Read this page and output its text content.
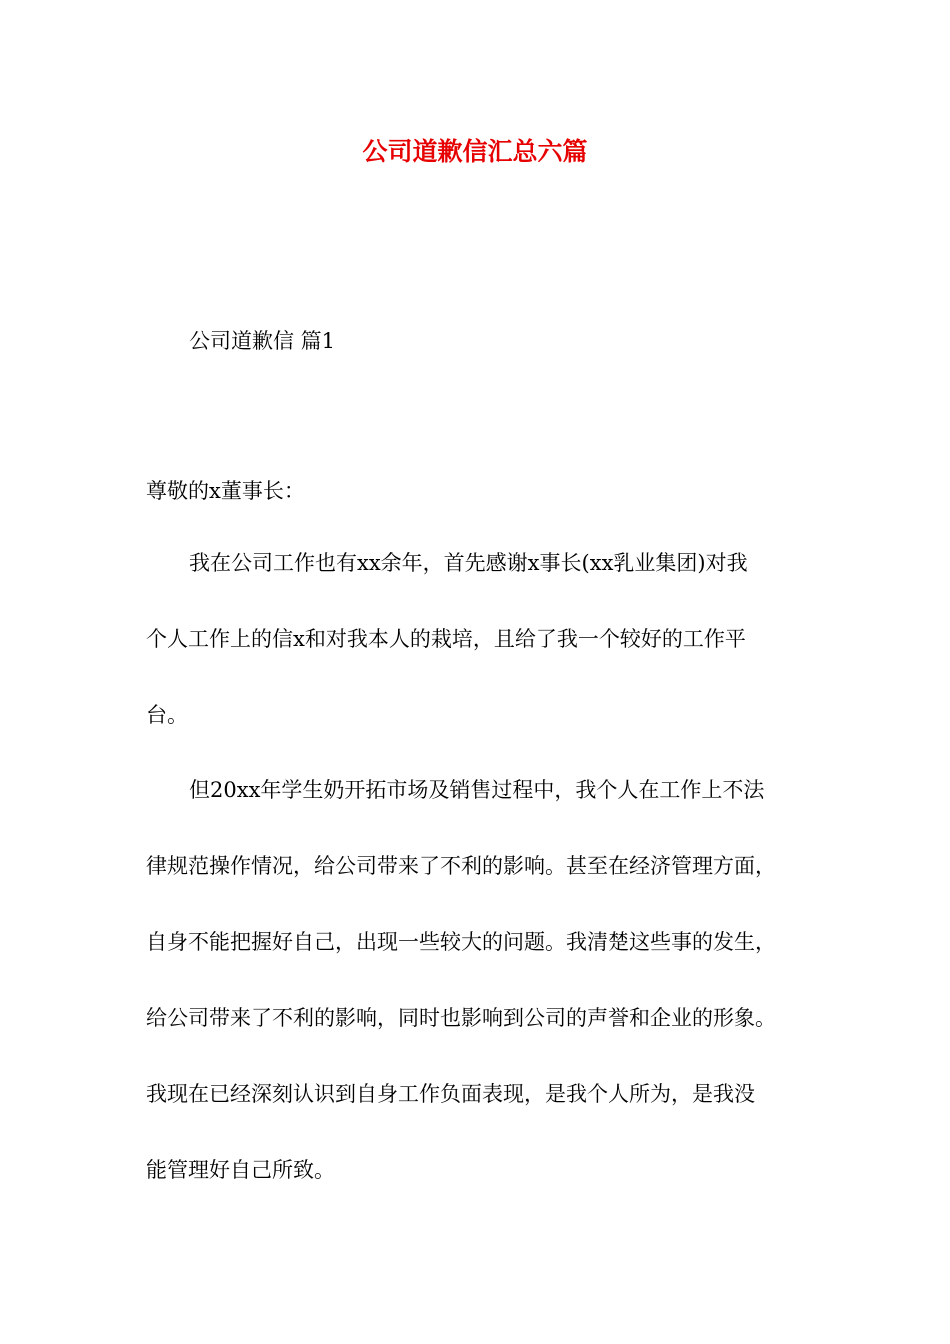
公司道歉信汇总六篇
公司道歉信 篇1
尊敬的x董事长：
我在公司工作也有xx余年，首先感谢x事长(xx乳业集团)对我
个人工作上的信x和对我本人的栽培，且给了我一个较好的工作平
台。
但20xx年学生奶开拓市场及销售过程中，我个人在工作上不法
律规范操作情况，给公司带来了不利的影响。甚至在经济管理方面，
自身不能把握好自己，出现一些较大的问题。我清楚这些事的发生，
给公司带来了不利的影响，同时也影响到公司的声誉和企业的形象。
我现在已经深刻认识到自身工作负面表现，是我个人所为，是我没
能管理好自己所致。
